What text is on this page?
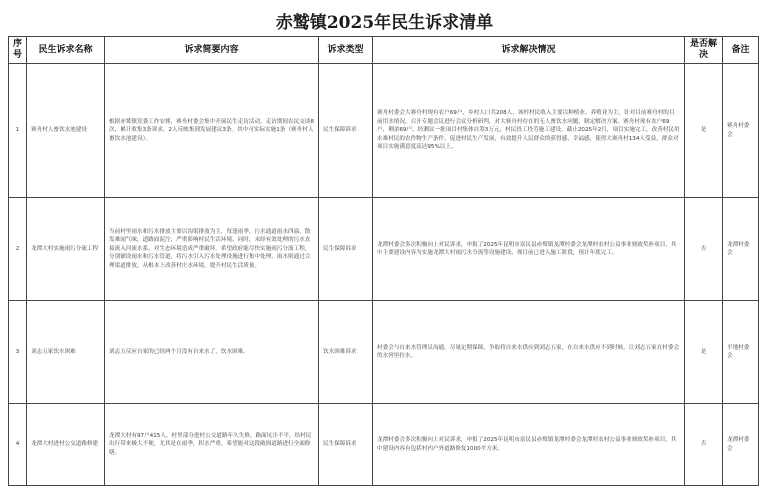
赤鹫镇2025年民生诉求清单
序号	民生诉求名称	诉求简要内容	诉求类型	诉求解决情况	是否解决	备注
1	赛舟村人畜饮水池建设	根据赤鹫镇党委工作安排，赛舟村委会集中开展民生走访活动。走访期间农民交谈8次，累计收集3条诉求，2人反映集到发展建议3条。其中可实际实施1条（赛舟村人畜饮水池建设）。	民生保障诉求	赛舟村委会大赛舟村现有农户69户，乡村人口共208人，该村村民收入主要以种植业、养殖业为主。针对目前赛舟村的目前用水情况，召开专题会议进行会议分析研判，对大赛舟村存在的无人畜饮水问题，制定解决方案。赛舟村现有农户69户，剩余69户，经测议一批项目村集体自筹3万元，村民投工投劳施工建设。截止2025年2月，项目实施完工，改善村民用水难村民的农作物生产条件，促进村民生产发展，有效提升人民群众的获得感、幸福感，使得大赛舟村134人受益，群众对项目实施满意度高达95%以上。	是	赛舟村委会
2	龙潭大村实施雨污分流工程	当前村里雨水和污水排放主要以沟渠排放为主，每逢雨季，污水通道雨水四溢，散发难闻气味，道路面泥泞，严重影响村民生活环境。同时，未经有效处理的污水直接流入河流水系，对生态环境造成严重破坏。希望政府能尽快实施雨污分流工程，分别铺设雨水和污水管道，将污水引入污水处理设施进行集中处理，雨水则通过合理渠道排放，从根本上改善村庄水环境，提升村民生活质量。	民生保障诉求	龙潭村委会多次积极向上对民诉求，申报了2025年昆明市富民县赤鹫镇龙潭村委会龙潭村农村公益事业财政奖补项目，其中主要建设内容为实施龙潭大村雨污水分流等设施建设，现目前已进入施工阶段，预计年底完工。	否	龙潭村委会
3	刘志五家饮水困难	刘志五反应自家的已经两个月没有自来水了，饮水困难。	饮水困难诉求	村委会与自来水管理员沟通，尽量定期保障，争取将自来水供应到刘志五家，在自来水供应不到时候，让刘志五家在村委会的水窖里拉水。	是	平地村委会
4	龙潭大村进村公交道路修建	龙潭大村有97户415人，村里部分进村公交道路年久失修，路面坑洼不平，给村民出行带来极大不便，尤其是在雨季，积水严重，希望能对这段破损道路进行全面修缮。	民生保障诉求	龙潭村委会多次积极向上对民诉求，申报了2025年昆明市富民县赤鹫镇龙潭村委会龙潭村农村公益事业财政奖补项目，其中建设内容有包括村内户外道路修复1000平方米。	否	龙潭村委会
